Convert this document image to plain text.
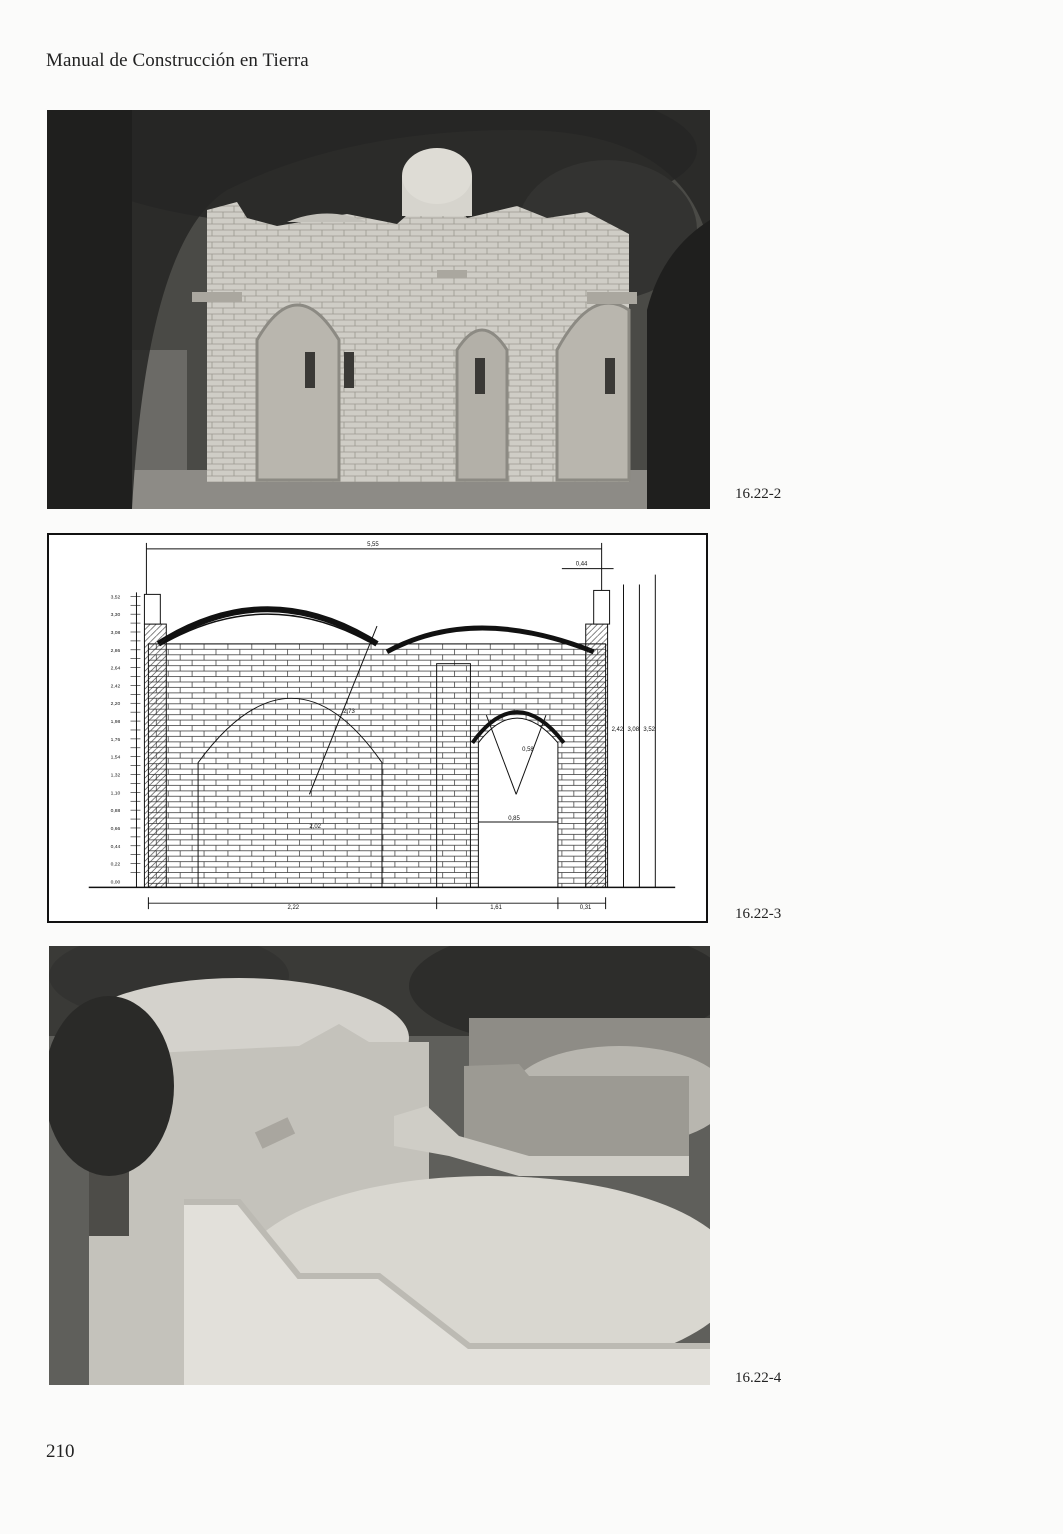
Manual de Construcción en Tierra
16.22-2
3,52
3,30
3,08
2,86
2,64
2,42
2,20
1,98
1,76
1,54
1,32
1,10
0,88
0,66
0,44
0,22
0,00
5,55
0,44
2,22	1,61	0,31
0,85
2,42 3,08 3,52
2,73
0,58
2,02
16.22-3
16.22-4
210
